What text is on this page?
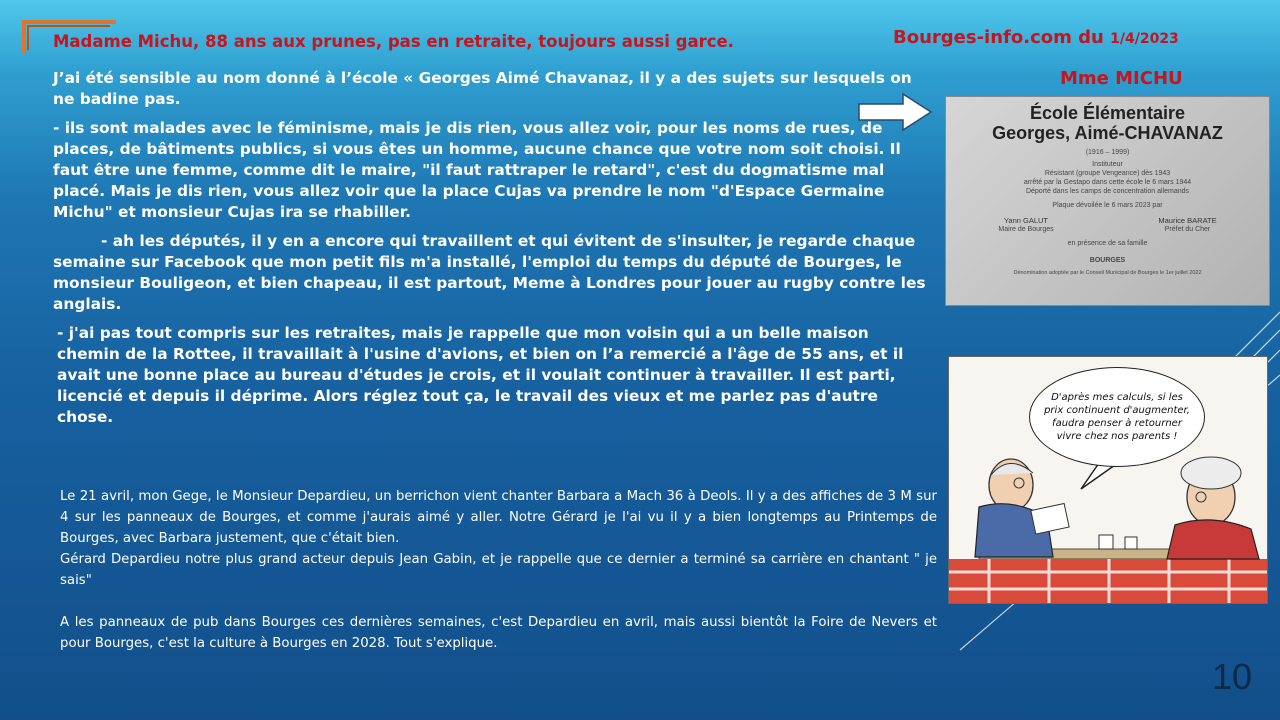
Madame Michu, 88 ans aux prunes, pas en retraite, toujours aussi garce.	Bourges-info.com du 1/4/2023
Mme MICHU

J’ai été sensible au nom donné à l’école « Georges Aimé Chavanaz, il y a des sujets sur lesquels on ne badine pas.

- ils sont malades avec le féminisme, mais je dis rien, vous allez voir, pour les noms de rues, de places, de bâtiments publics, si vous êtes un homme, aucune chance que votre nom soit choisi. Il faut être une femme, comme dit le maire, "il faut rattraper le retard", c'est du dogmatisme mal placé. Mais je dis rien, vous allez voir que la place Cujas va prendre le nom "d'Espace Germaine Michu" et monsieur Cujas ira se rhabiller.

- ah les députés, il y en a encore qui travaillent et qui évitent de s'insulter, je regarde chaque semaine sur Facebook que mon petit fils m'a installé, l'emploi du temps du député de Bourges, le monsieur Bouligeon, et bien chapeau, il est partout, Meme à Londres pour jouer au rugby contre les anglais.

- j'ai pas tout compris sur les retraites, mais je rappelle que mon voisin qui a un belle maison chemin de la Rottee, il travaillait à l'usine d'avions, et bien on l’a remercié a l'âge de 55 ans, et il avait une bonne place au bureau d'études je crois, et il voulait continuer à travailler. Il est parti, licencié et depuis il déprime. Alors réglez tout ça, le travail des vieux et me parlez pas d'autre chose.

Le 21 avril, mon Gege, le Monsieur Depardieu, un berrichon vient chanter Barbara a Mach 36 à Deols. Il y a des affiches de 3 M sur 4 sur les panneaux de Bourges, et comme j'aurais aimé y aller. Notre Gérard je l'ai vu il y a bien longtemps au Printemps de Bourges, avec Barbara justement, que c'était bien.

Gérard Depardieu notre plus grand acteur depuis Jean Gabin, et je rappelle que ce dernier a terminé sa carrière en chantant " je sais"

A les panneaux de pub dans Bourges ces dernières semaines, c'est Depardieu en avril, mais aussi bientôt la Foire de Nevers et pour Bourges, c'est la culture à Bourges en 2028. Tout s'explique.

École Élémentaire
Georges, Aimé-CHAVANAZ
(1916 – 1999)
Instituteur
Résistant (groupe Vengeance) dès 1943
arrêté par la Gestapo dans cette école le 6 mars 1944
Déporté dans les camps de concentration allemands
Plaque dévoilée le 6 mars 2023 par
Yann GALUT
Maire de Bourges
Maurice BARATE
Préfet du Cher
en présence de sa famille
BOURGES
Dénomination adoptée par le Conseil Municipal de Bourges le 1er juillet 2022
D'après mes calculs, si les prix continuent d'augmenter, faudra penser à retourner vivre chez nos parents !
10
